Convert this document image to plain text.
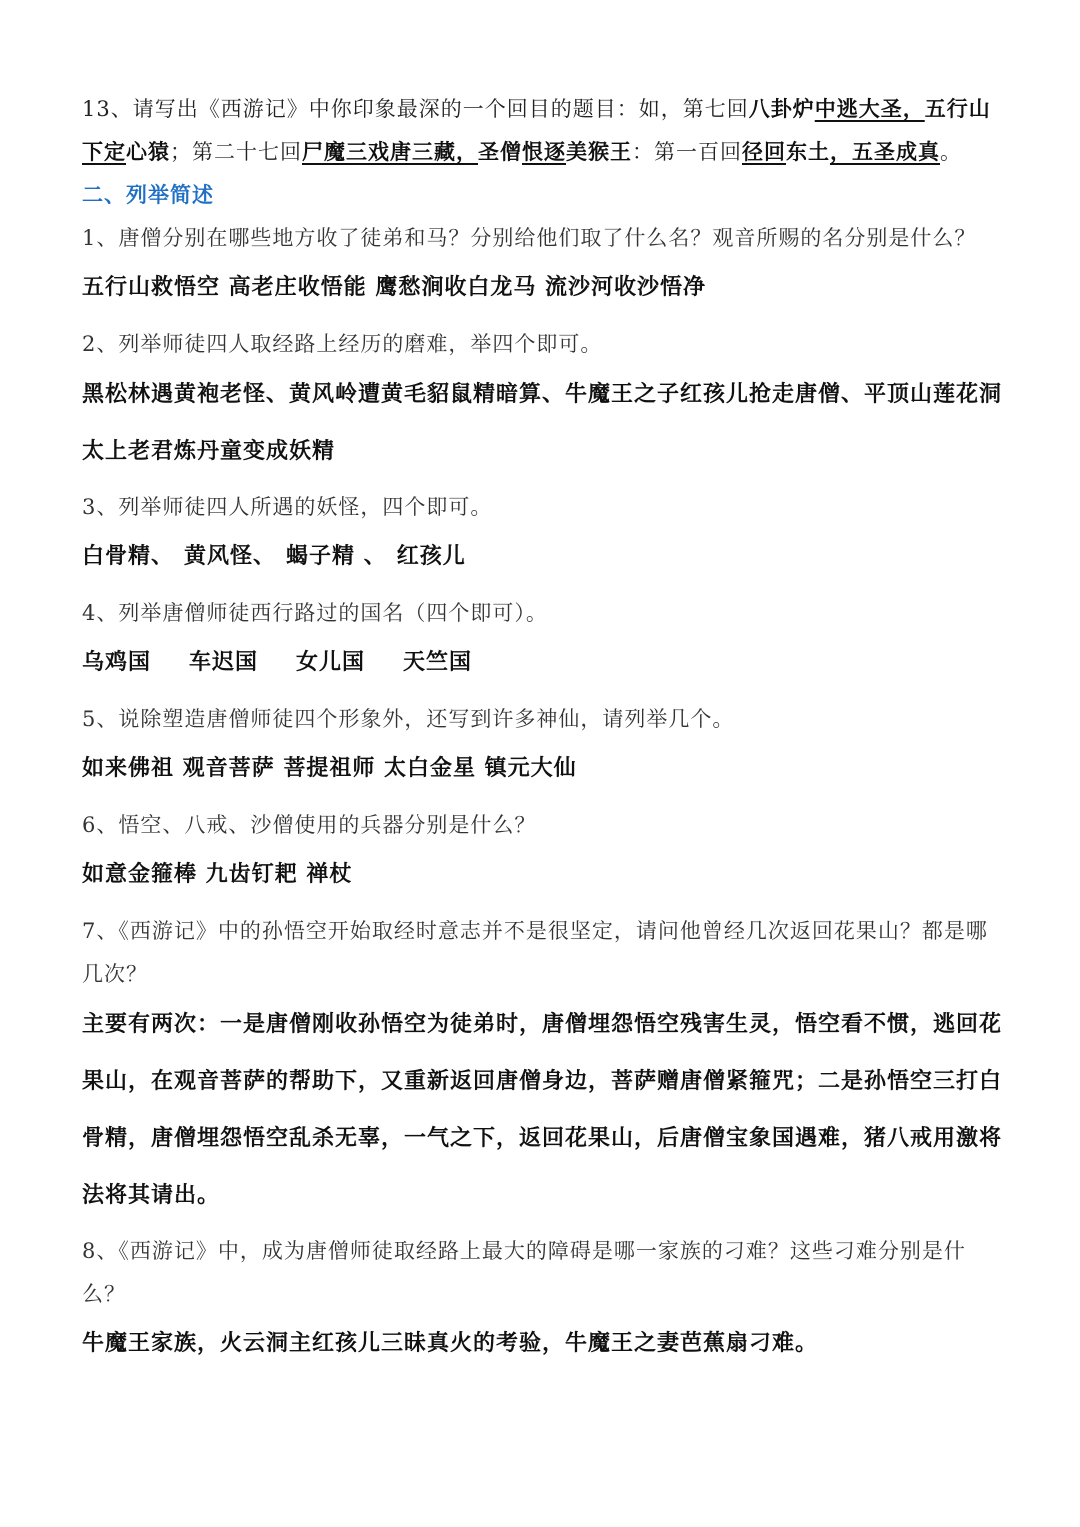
13、请写出《西游记》中你印象最深的一个回目的题目：如，第七回八卦炉中逃大圣，五行山下定心猿；第二十七回尸魔三戏唐三藏，圣僧恨逐美猴王：第一百回径回东土，五圣成真。

二、列举简述

1、唐僧分别在哪些地方收了徒弟和马？分别给他们取了什么名？观音所赐的名分别是什么？

五行山救悟空 高老庄收悟能 鹰愁涧收白龙马 流沙河收沙悟净

2、列举师徒四人取经路上经历的磨难，举四个即可。

黑松林遇黄袍老怪、黄风岭遭黄毛貂鼠精暗算、牛魔王之子红孩儿抢走唐僧、平顶山莲花洞太上老君炼丹童变成妖精

3、列举师徒四人所遇的妖怪，四个即可。

白骨精、 黄风怪、 蝎子精 、 红孩儿

4、列举唐僧师徒西行路过的国名（四个即可）。

乌鸡国 车迟国 女儿国 天竺国

5、说除塑造唐僧师徒四个形象外，还写到许多神仙，请列举几个。

如来佛祖 观音菩萨 菩提祖师 太白金星 镇元大仙

6、悟空、八戒、沙僧使用的兵器分别是什么？

如意金箍棒 九齿钉耙 禅杖

7、《西游记》中的孙悟空开始取经时意志并不是很坚定，请问他曾经几次返回花果山？都是哪几次？

主要有两次：一是唐僧刚收孙悟空为徒弟时，唐僧埋怨悟空残害生灵，悟空看不惯，逃回花果山，在观音菩萨的帮助下，又重新返回唐僧身边，菩萨赠唐僧紧箍咒；二是孙悟空三打白骨精，唐僧埋怨悟空乱杀无辜，一气之下，返回花果山，后唐僧宝象国遇难，猪八戒用激将法将其请出。

8、《西游记》中，成为唐僧师徒取经路上最大的障碍是哪一家族的刁难？这些刁难分别是什么？

牛魔王家族，火云洞主红孩儿三昧真火的考验，牛魔王之妻芭蕉扇刁难。
